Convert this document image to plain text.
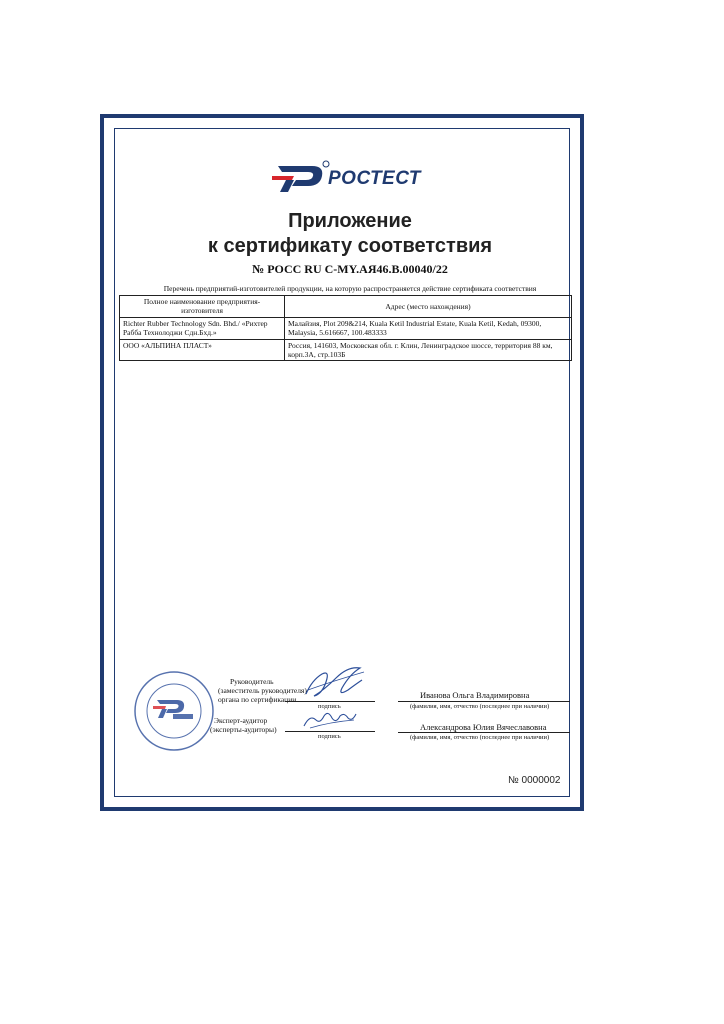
РОСТЕСТ
Приложение
к сертификату соответствия
№ РОСС RU С-MY.АЯ46.В.00040/22
Перечень предприятий-изготовителей продукции, на которую распространяется действие сертификата соответствия
Полное наименование предприятия-изготовителя	Адрес (место нахождения)
Richter Rubber Technology Sdn. Bhd./ «Рихтер Рабба Технолоджи Сдн.Бхд.»	Малайзия, Plot 209&214, Kuala Ketil Industrial Estate, Kuala Ketil, Kedah, 09300, Malaysia, 5.616667, 100.483333
ООО «АЛЬПИНА ПЛАСТ»	Россия, 141603, Московская обл. г. Клин, Ленинградское шоссе, территория 88 км, корп.3А, стр.103Б
Руководитель
(заместитель руководителя)
органа по сертификации
подпись
Иванова Ольга Владимировна
(фамилия, имя, отчество (последнее при наличии)
Эксперт-аудитор
(эксперты-аудиторы)
подпись
Александрова Юлия Вячеславовна
(фамилия, имя, отчество (последнее при наличии)
№ 0000002
